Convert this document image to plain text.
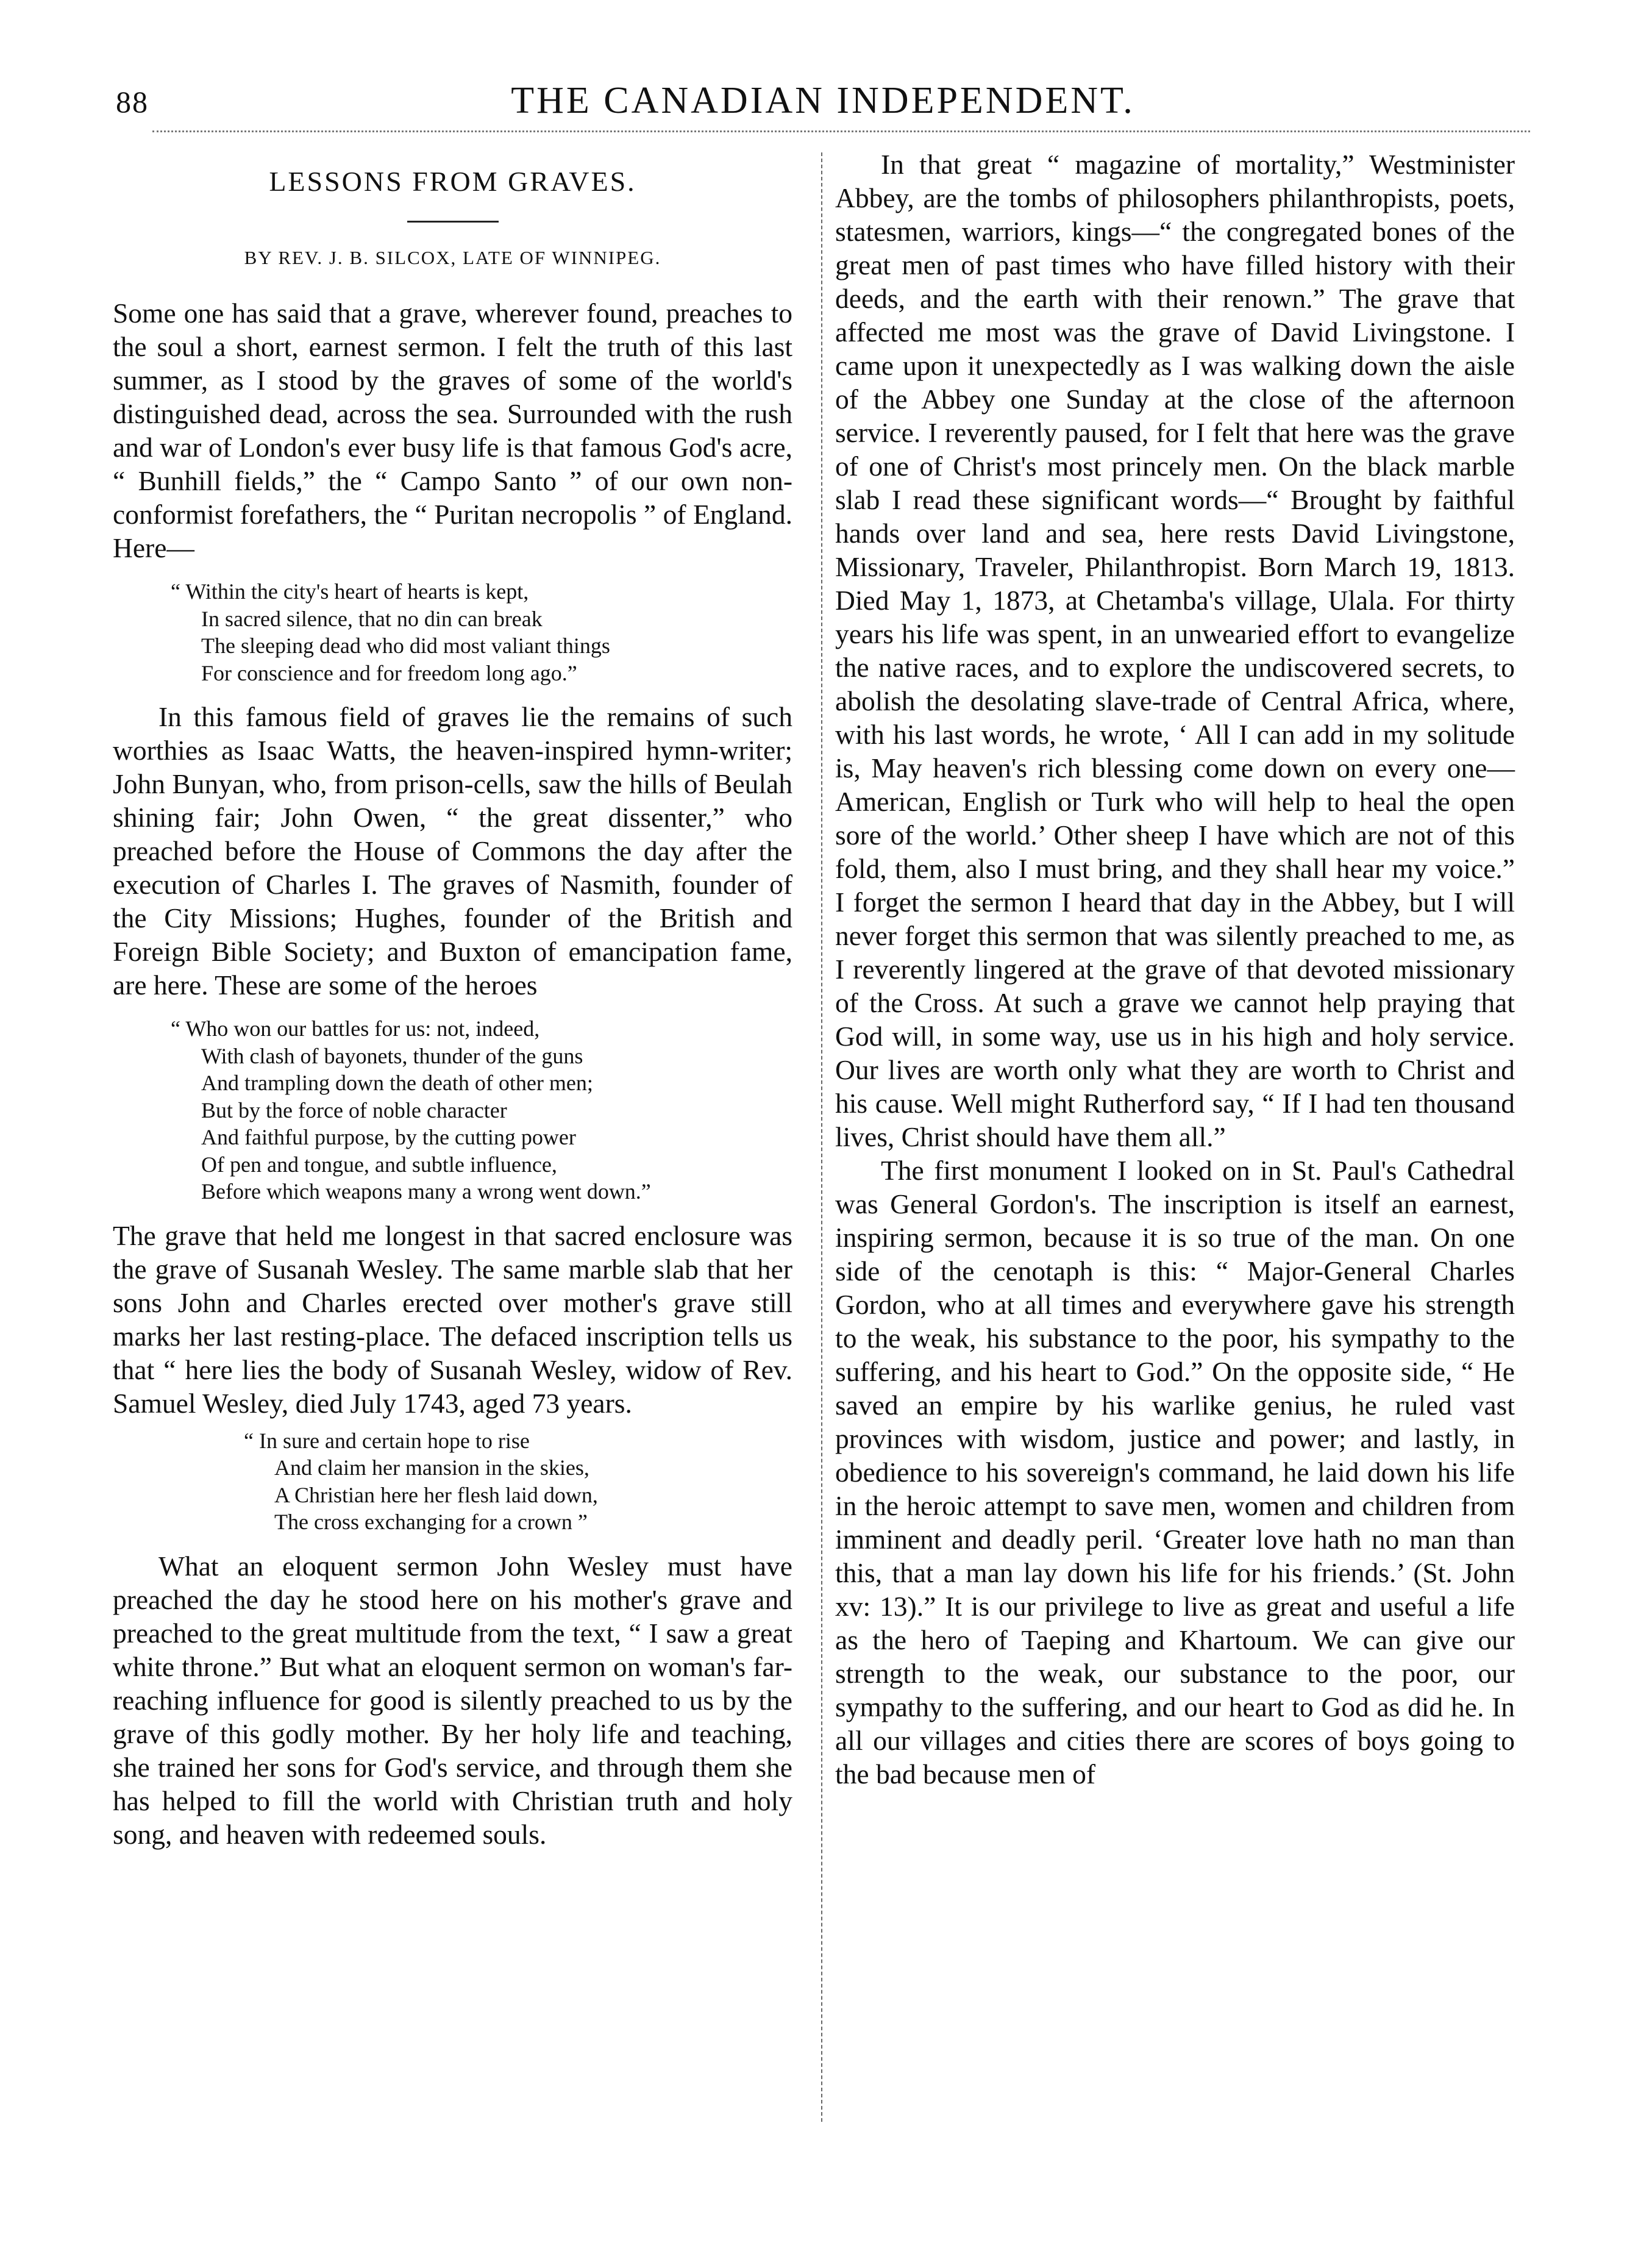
88	THE CANADIAN INDEPENDENT.
LESSONS FROM GRAVES.
BY REV. J. B. SILCOX, LATE OF WINNIPEG.

Some one has said that a grave, wherever found, preaches to the soul a short, earnest sermon. I felt the truth of this last summer, as I stood by the graves of some of the world's distinguished dead, across the sea. Surrounded with the rush and war of London's ever busy life is that famous God's acre, “ Bunhill fields,” the “ Campo Santo ” of our own non-conformist forefathers, the “ Puritan necropolis ” of England. Here—

“ Within the city's heart of hearts is kept,
In sacred silence, that no din can break
The sleeping dead who did most valiant things
For conscience and for freedom long ago.”

In this famous field of graves lie the remains of such worthies as Isaac Watts, the heaven-inspired hymn-writer; John Bunyan, who, from prison-cells, saw the hills of Beulah shining fair; John Owen, “ the great dissenter,” who preached before the House of Commons the day after the execution of Charles I. The graves of Nasmith, founder of the City Missions; Hughes, founder of the British and Foreign Bible Society; and Buxton of emancipation fame, are here. These are some of the heroes

“ Who won our battles for us: not, indeed,
With clash of bayonets, thunder of the guns
And trampling down the death of other men;
But by the force of noble character
And faithful purpose, by the cutting power
Of pen and tongue, and subtle influence,
Before which weapons many a wrong went down.”

The grave that held me longest in that sacred enclosure was the grave of Susanah Wesley. The same marble slab that her sons John and Charles erected over mother's grave still marks her last resting-place. The defaced inscription tells us that “ here lies the body of Susanah Wesley, widow of Rev. Samuel Wesley, died July 1743, aged 73 years.

“ In sure and certain hope to rise
And claim her mansion in the skies,
A Christian here her flesh laid down,
The cross exchanging for a crown ”

What an eloquent sermon John Wesley must have preached the day he stood here on his mother's grave and preached to the great multitude from the text, “ I saw a great white throne.” But what an eloquent sermon on woman's far-reaching influence for good is silently preached to us by the grave of this godly mother. By her holy life and teaching, she trained her sons for God's service, and through them she has helped to fill the world with Christian truth and holy song, and heaven with redeemed souls.

In that great “ magazine of mortality,” Westminister Abbey, are the tombs of philosophers philanthropists, poets, statesmen, warriors, kings—“ the congregated bones of the great men of past times who have filled history with their deeds, and the earth with their renown.” The grave that affected me most was the grave of David Livingstone. I came upon it unexpectedly as I was walking down the aisle of the Abbey one Sunday at the close of the afternoon service. I reverently paused, for I felt that here was the grave of one of Christ's most princely men. On the black marble slab I read these significant words—“ Brought by faithful hands over land and sea, here rests David Livingstone, Missionary, Traveler, Philanthropist. Born March 19, 1813. Died May 1, 1873, at Chetamba's village, Ulala. For thirty years his life was spent, in an unwearied effort to evangelize the native races, and to explore the undiscovered secrets, to abolish the desolating slave-trade of Central Africa, where, with his last words, he wrote, ‘ All I can add in my solitude is, May heaven's rich blessing come down on every one—American, English or Turk who will help to heal the open sore of the world.’ Other sheep I have which are not of this fold, them, also I must bring, and they shall hear my voice.” I forget the sermon I heard that day in the Abbey, but I will never forget this sermon that was silently preached to me, as I reverently lingered at the grave of that devoted missionary of the Cross. At such a grave we cannot help praying that God will, in some way, use us in his high and holy service. Our lives are worth only what they are worth to Christ and his cause. Well might Rutherford say, “ If I had ten thousand lives, Christ should have them all.”

The first monument I looked on in St. Paul's Cathedral was General Gordon's. The inscription is itself an earnest, inspiring sermon, because it is so true of the man. On one side of the cenotaph is this: “ Major-General Charles Gordon, who at all times and everywhere gave his strength to the weak, his substance to the poor, his sympathy to the suffering, and his heart to God.” On the opposite side, “ He saved an empire by his warlike genius, he ruled vast provinces with wisdom, justice and power; and lastly, in obedience to his sovereign's command, he laid down his life in the heroic attempt to save men, women and children from imminent and deadly peril. ‘Greater love hath no man than this, that a man lay down his life for his friends.’ (St. John xv: 13).” It is our privilege to live as great and useful a life as the hero of Taeping and Khartoum. We can give our strength to the weak, our substance to the poor, our sympathy to the suffering, and our heart to God as did he. In all our villages and cities there are scores of boys going to the bad because men of
